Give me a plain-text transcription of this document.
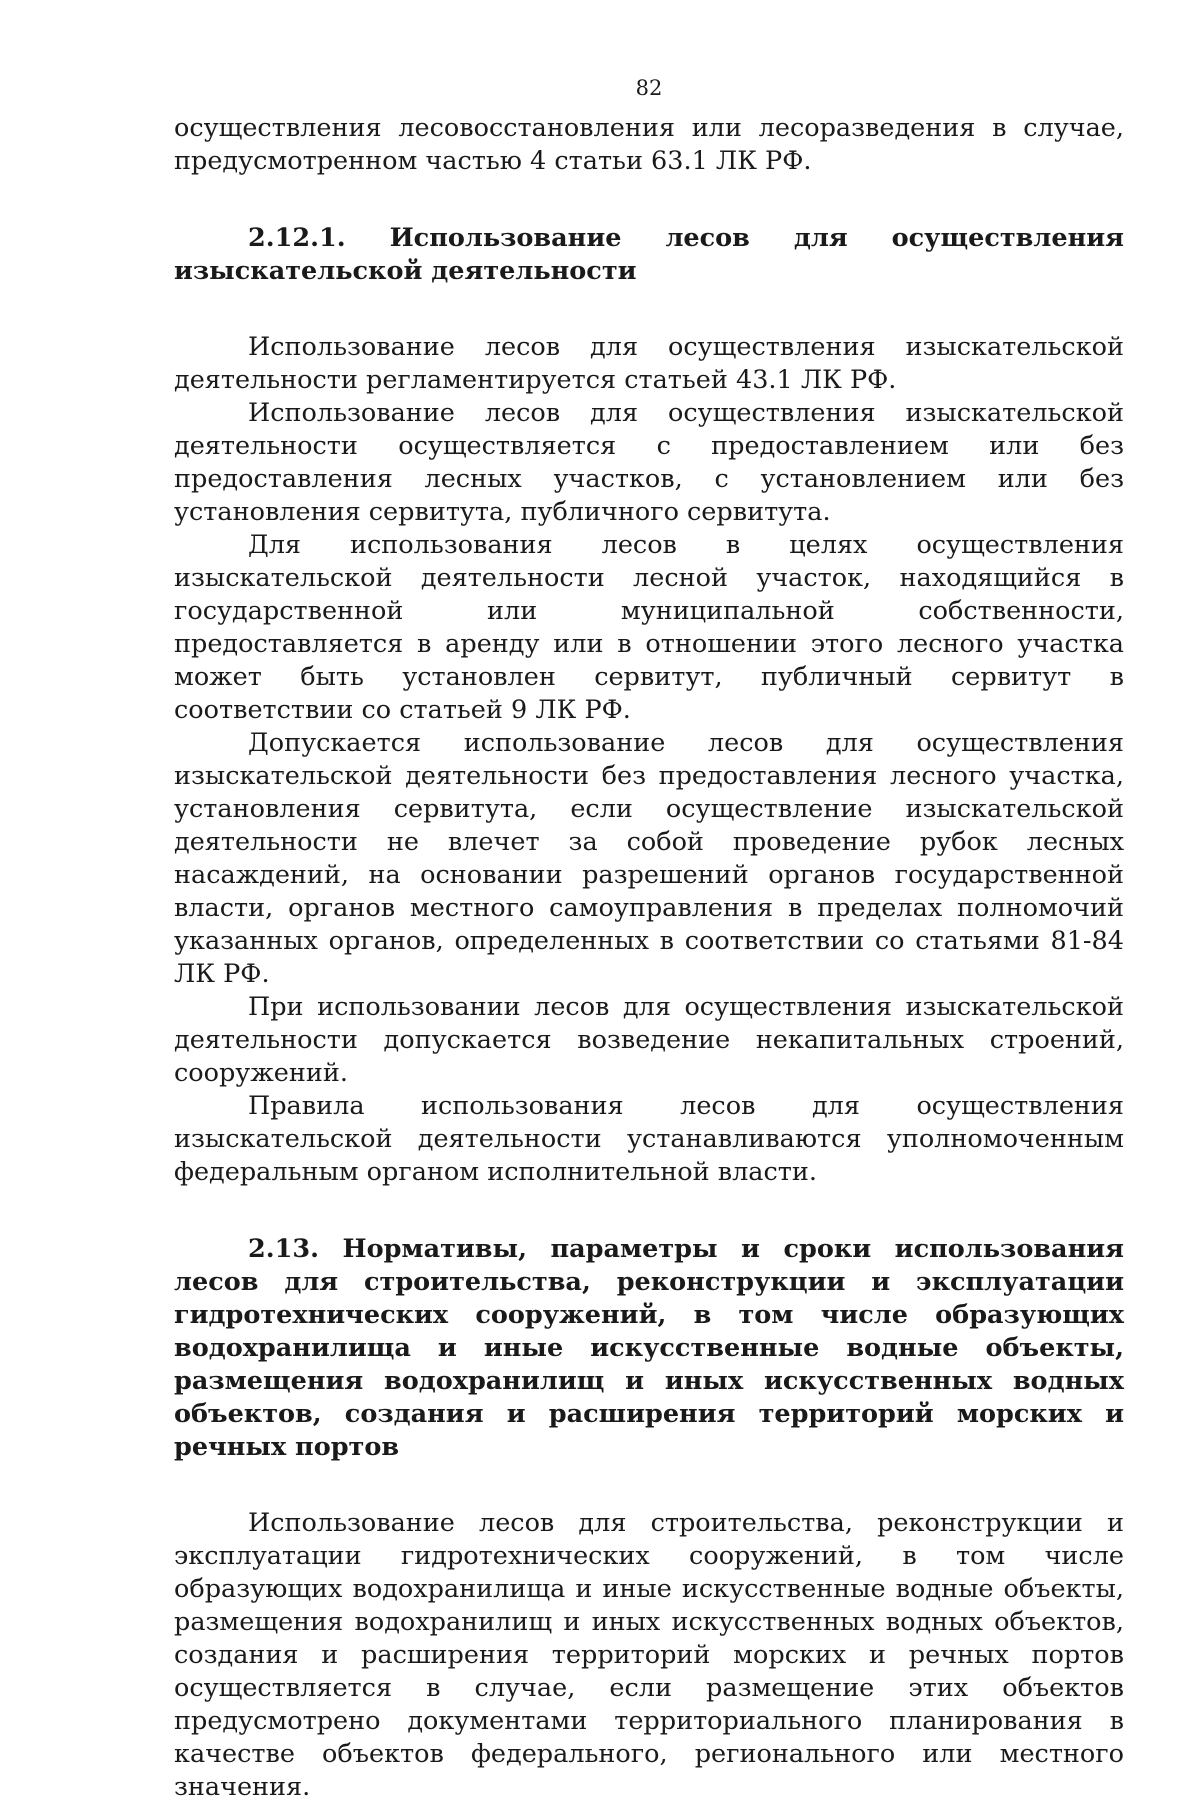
82

осуществления лесовосстановления или лесоразведения в случае, предусмотренном частью 4 статьи 63.1 ЛК РФ.

2.12.1. Использование лесов для осуществления изыскательской деятельности

Использование лесов для осуществления изыскательской деятельности регламентируется статьей 43.1 ЛК РФ.

Использование лесов для осуществления изыскательской деятельности осуществляется с предоставлением или без предоставления лесных участков, с установлением или без установления сервитута, публичного сервитута.

Для использования лесов в целях осуществления изыскательской деятельности лесной участок, находящийся в государственной или муниципальной собственности, предоставляется в аренду или в отношении этого лесного участка может быть установлен сервитут, публичный сервитут в соответствии со статьей 9 ЛК РФ.

Допускается использование лесов для осуществления изыскательской деятельности без предоставления лесного участка, установления сервитута, если осуществление изыскательской деятельности не влечет за собой проведение рубок лесных насаждений, на основании разрешений органов государственной власти, органов местного самоуправления в пределах полномочий указанных органов, определенных в соответствии со статьями 81-84 ЛК РФ.

При использовании лесов для осуществления изыскательской деятельности допускается возведение некапитальных строений, сооружений.

Правила использования лесов для осуществления изыскательской деятельности устанавливаются уполномоченным федеральным органом исполнительной власти.

2.13. Нормативы, параметры и сроки использования лесов для строительства, реконструкции и эксплуатации гидротехнических сооружений, в том числе образующих водохранилища и иные искусственные водные объекты, размещения водохранилищ и иных искусственных водных объектов, создания и расширения территорий морских и речных портов

Использование лесов для строительства, реконструкции и эксплуатации гидротехнических сооружений, в том числе образующих водохранилища и иные искусственные водные объекты, размещения водохранилищ и иных искусственных водных объектов, создания и расширения территорий морских и речных портов осуществляется в случае, если размещение этих объектов предусмотрено документами территориального планирования в качестве объектов федерального, регионального или местного значения.
